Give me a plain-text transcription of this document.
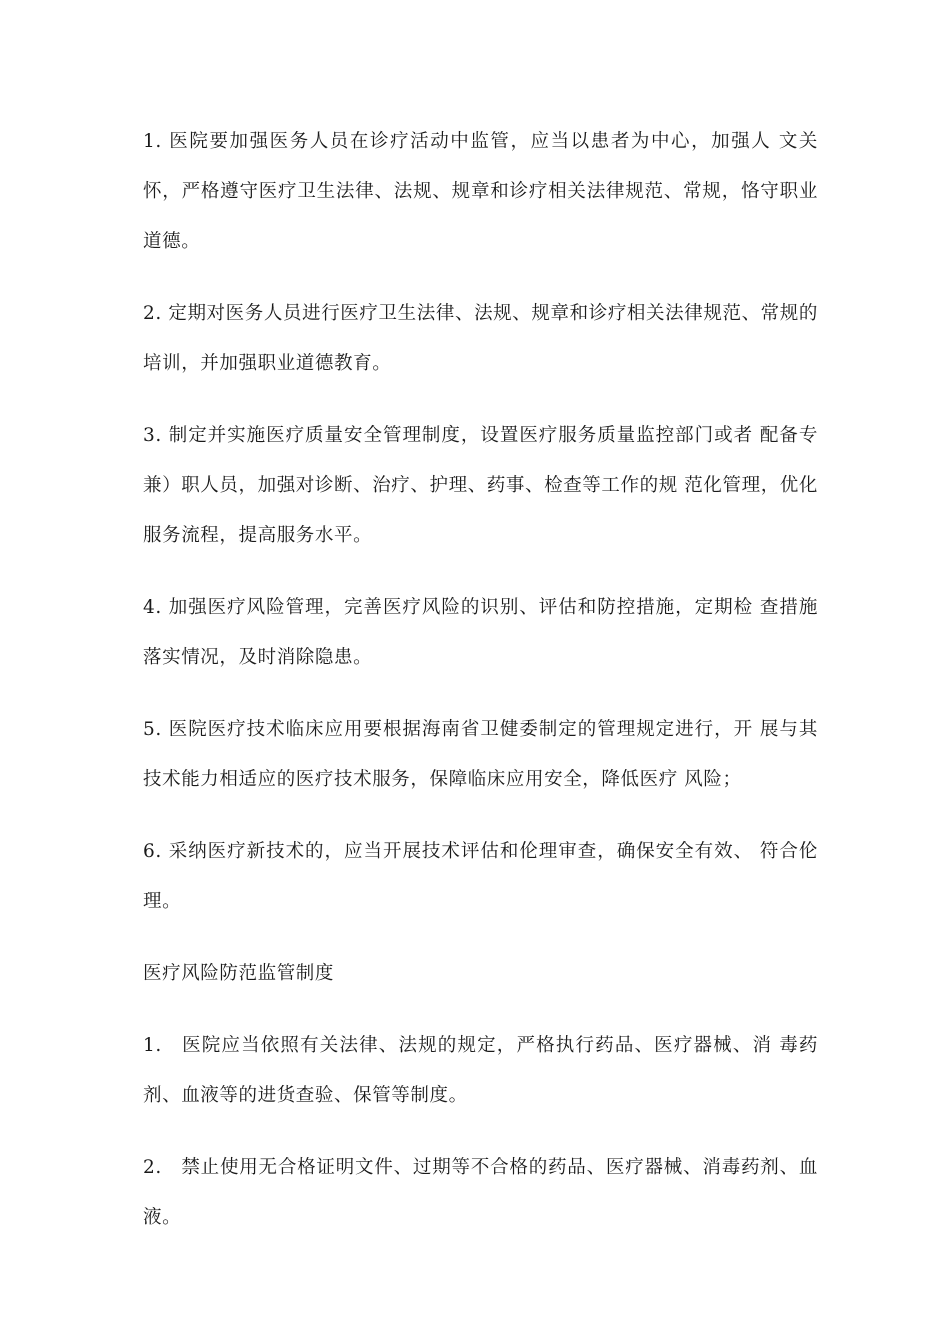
1. 医院要加强医务人员在诊疗活动中监管，应当以患者为中心，加强人 文关怀，严格遵守医疗卫生法律、法规、规章和诊疗相关法律规范、常规，恪守职业道德。

2. 定期对医务人员进行医疗卫生法律、法规、规章和诊疗相关法律规范、常规的培训，并加强职业道德教育。

3. 制定并实施医疗质量安全管理制度，设置医疗服务质量监控部门或者 配备专兼）职人员，加强对诊断、治疗、护理、药事、检查等工作的规 范化管理，优化服务流程，提高服务水平。

4. 加强医疗风险管理，完善医疗风险的识别、评估和防控措施，定期检 查措施落实情况，及时消除隐患。

5. 医院医疗技术临床应用要根据海南省卫健委制定的管理规定进行，开 展与其技术能力相适应的医疗技术服务，保障临床应用安全，降低医疗 风险；

6. 采纳医疗新技术的，应当开展技术评估和伦理审查，确保安全有效、 符合伦理。

医疗风险防范监管制度

1.　医院应当依照有关法律、法规的规定，严格执行药品、医疗器械、消 毒药剂、血液等的进货查验、保管等制度。

2.　禁止使用无合格证明文件、过期等不合格的药品、医疗器械、消毒药剂、血液。
